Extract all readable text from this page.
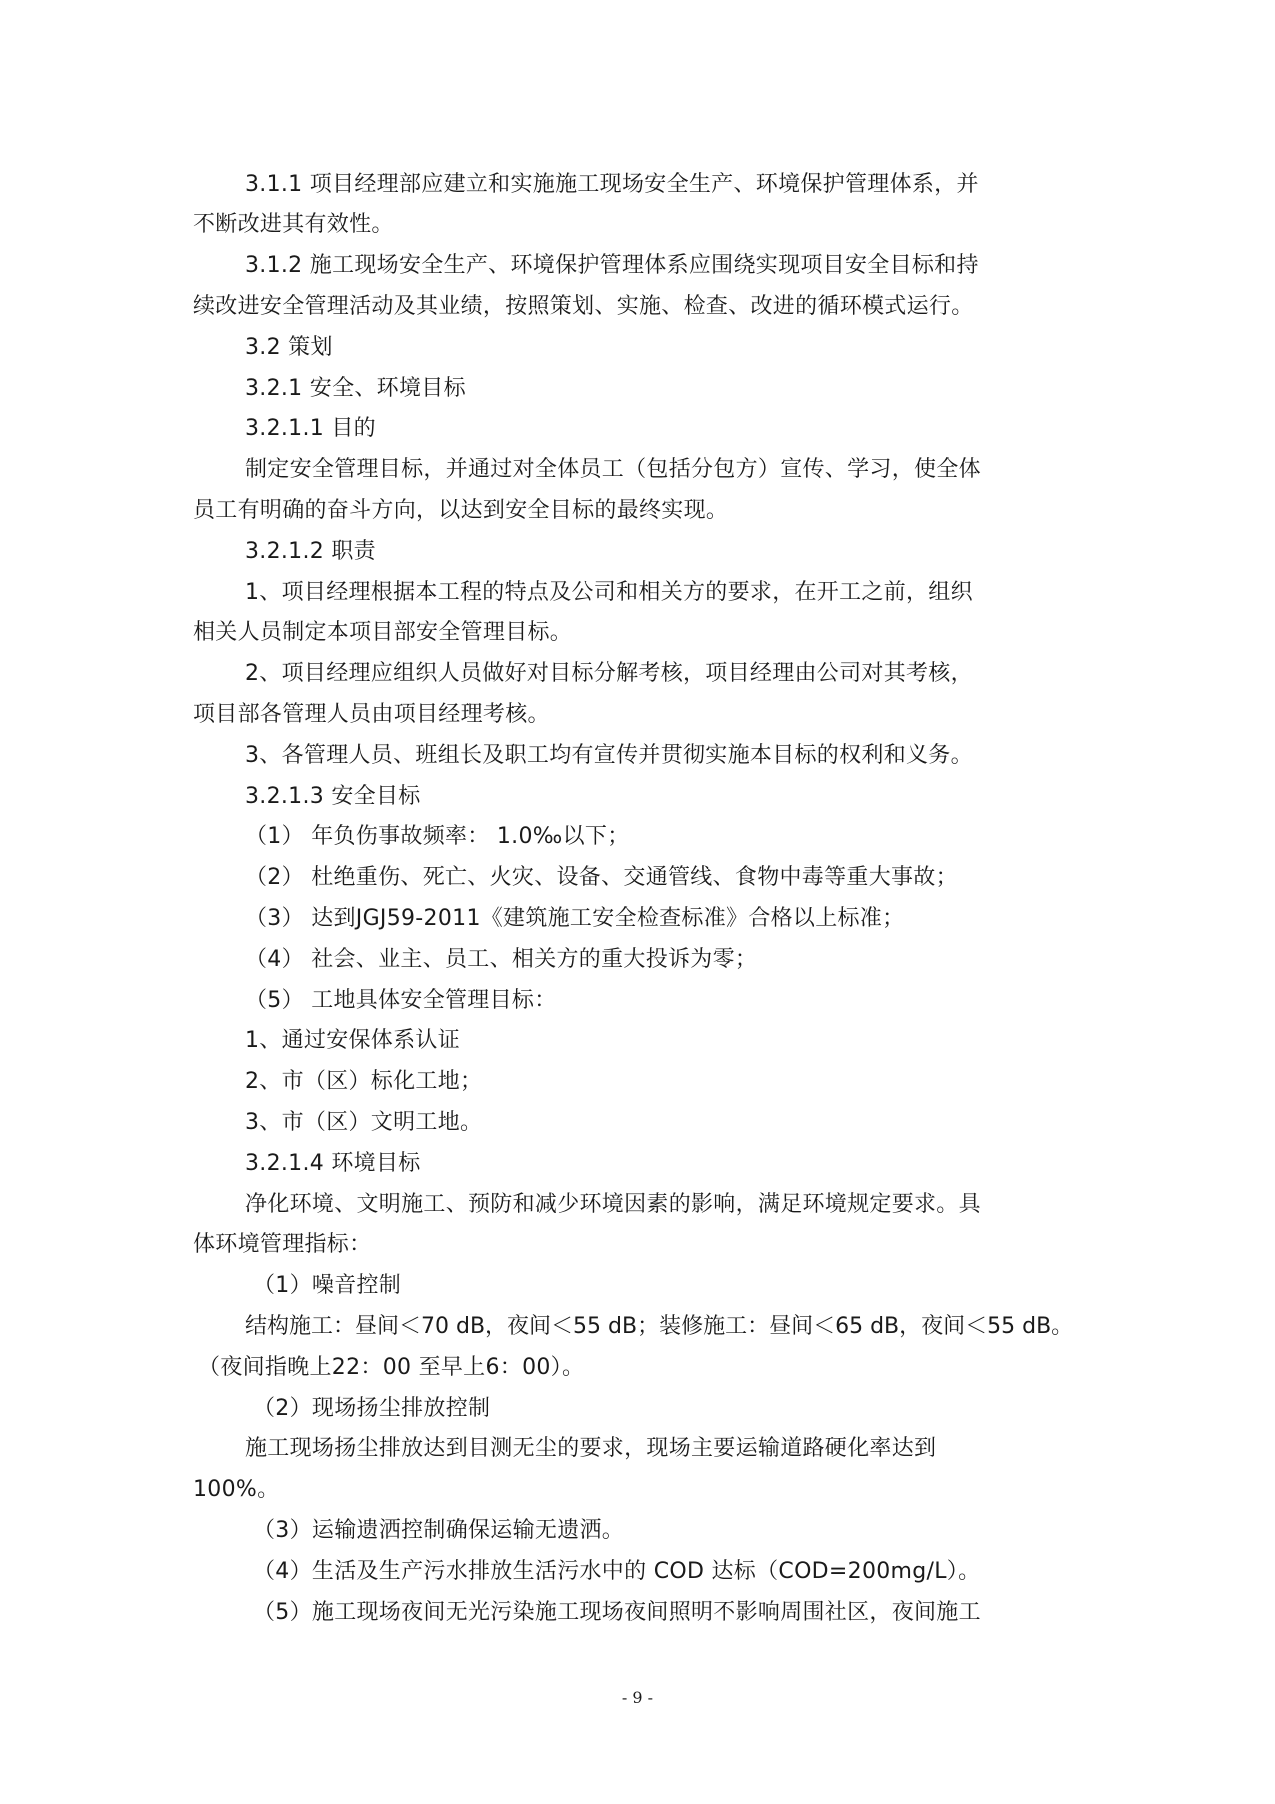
3.1.1 项目经理部应建立和实施施工现场安全生产、环境保护管理体系，并
不断改进其有效性。
3.1.2 施工现场安全生产、环境保护管理体系应围绕实现项目安全目标和持
续改进安全管理活动及其业绩，按照策划、实施、检查、改进的循环模式运行。
3.2 策划
3.2.1 安全、环境目标
3.2.1.1 目的
制定安全管理目标，并通过对全体员工（包括分包方）宣传、学习，使全体
员工有明确的奋斗方向，以达到安全目标的最终实现。
3.2.1.2 职责
1、项目经理根据本工程的特点及公司和相关方的要求，在开工之前，组织
相关人员制定本项目部安全管理目标。
2、项目经理应组织人员做好对目标分解考核，项目经理由公司对其考核，
项目部各管理人员由项目经理考核。
3、各管理人员、班组长及职工均有宣传并贯彻实施本目标的权利和义务。
3.2.1.3 安全目标
（1） 年负伤事故频率： 1.0‰以下；
（2） 杜绝重伤、死亡、火灾、设备、交通管线、食物中毒等重大事故；
（3） 达到JGJ59-2011《建筑施工安全检查标准》合格以上标准；
（4） 社会、业主、员工、相关方的重大投诉为零；
（5） 工地具体安全管理目标：
1、通过安保体系认证
2、市（区）标化工地；
3、市（区）文明工地。
3.2.1.4 环境目标
净化环境、文明施工、预防和减少环境因素的影响，满足环境规定要求。具
体环境管理指标：
（1）噪音控制
结构施工：昼间＜70 dB，夜间＜55 dB；装修施工：昼间＜65 dB，夜间＜55 dB。
（夜间指晚上22：00 至早上6：00）。
（2）现场扬尘排放控制
施工现场扬尘排放达到目测无尘的要求，现场主要运输道路硬化率达到
100%。
（3）运输遗洒控制确保运输无遗洒。
（4）生活及生产污水排放生活污水中的 COD 达标（COD=200mg/L）。
（5）施工现场夜间无光污染施工现场夜间照明不影响周围社区，夜间施工
- 9 -
